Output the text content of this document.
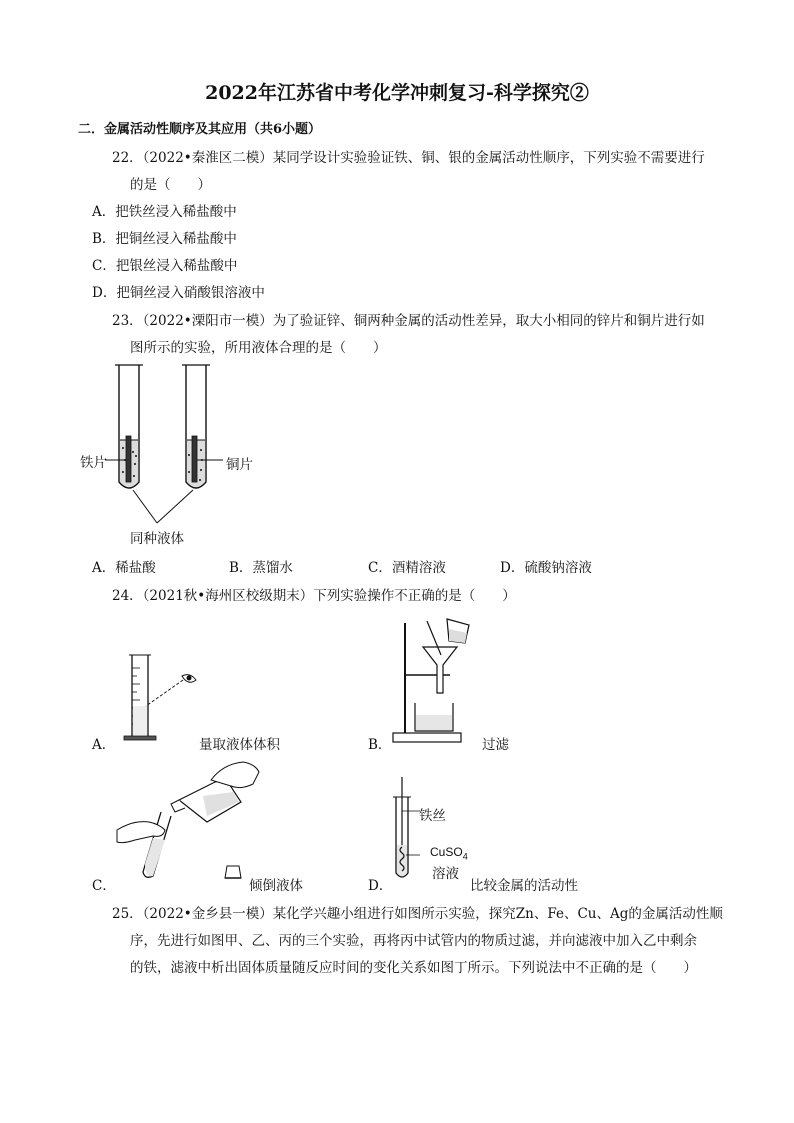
2022年江苏省中考化学冲刺复习-科学探究②
二．金属活动性顺序及其应用（共6小题）
22．（2022•秦淮区二模）某同学设计实验验证铁、铜、银的金属活动性顺序，下列实验不需要进行
的是（　　）
A．把铁丝浸入稀盐酸中
B．把铜丝浸入稀盐酸中
C．把银丝浸入稀盐酸中
D．把铜丝浸入硝酸银溶液中
23．（2022•溧阳市一模）为了验证锌、铜两种金属的活动性差异，取大小相同的锌片和铜片进行如
图所示的实验，所用液体合理的是（　　）
铁片	铜片
同种液体
A．稀盐酸	B．蒸馏水	C．酒精溶液	D．硫酸钠溶液
24．（2021秋•海州区校级期末）下列实验操作不正确的是（　　）
A．	量取液体体积	B．	过滤
C．	倾倒液体
铁丝
CuSO$_4$
溶液
D．	比较金属的活动性
25．（2022•金乡县一模）某化学兴趣小组进行如图所示实验，探究Zn、Fe、Cu、Ag的金属活动性顺
序，先进行如图甲、乙、丙的三个实验，再将丙中试管内的物质过滤，并向滤液中加入乙中剩余
的铁，滤液中析出固体质量随反应时间的变化关系如图丁所示。下列说法中不正确的是（　　）
